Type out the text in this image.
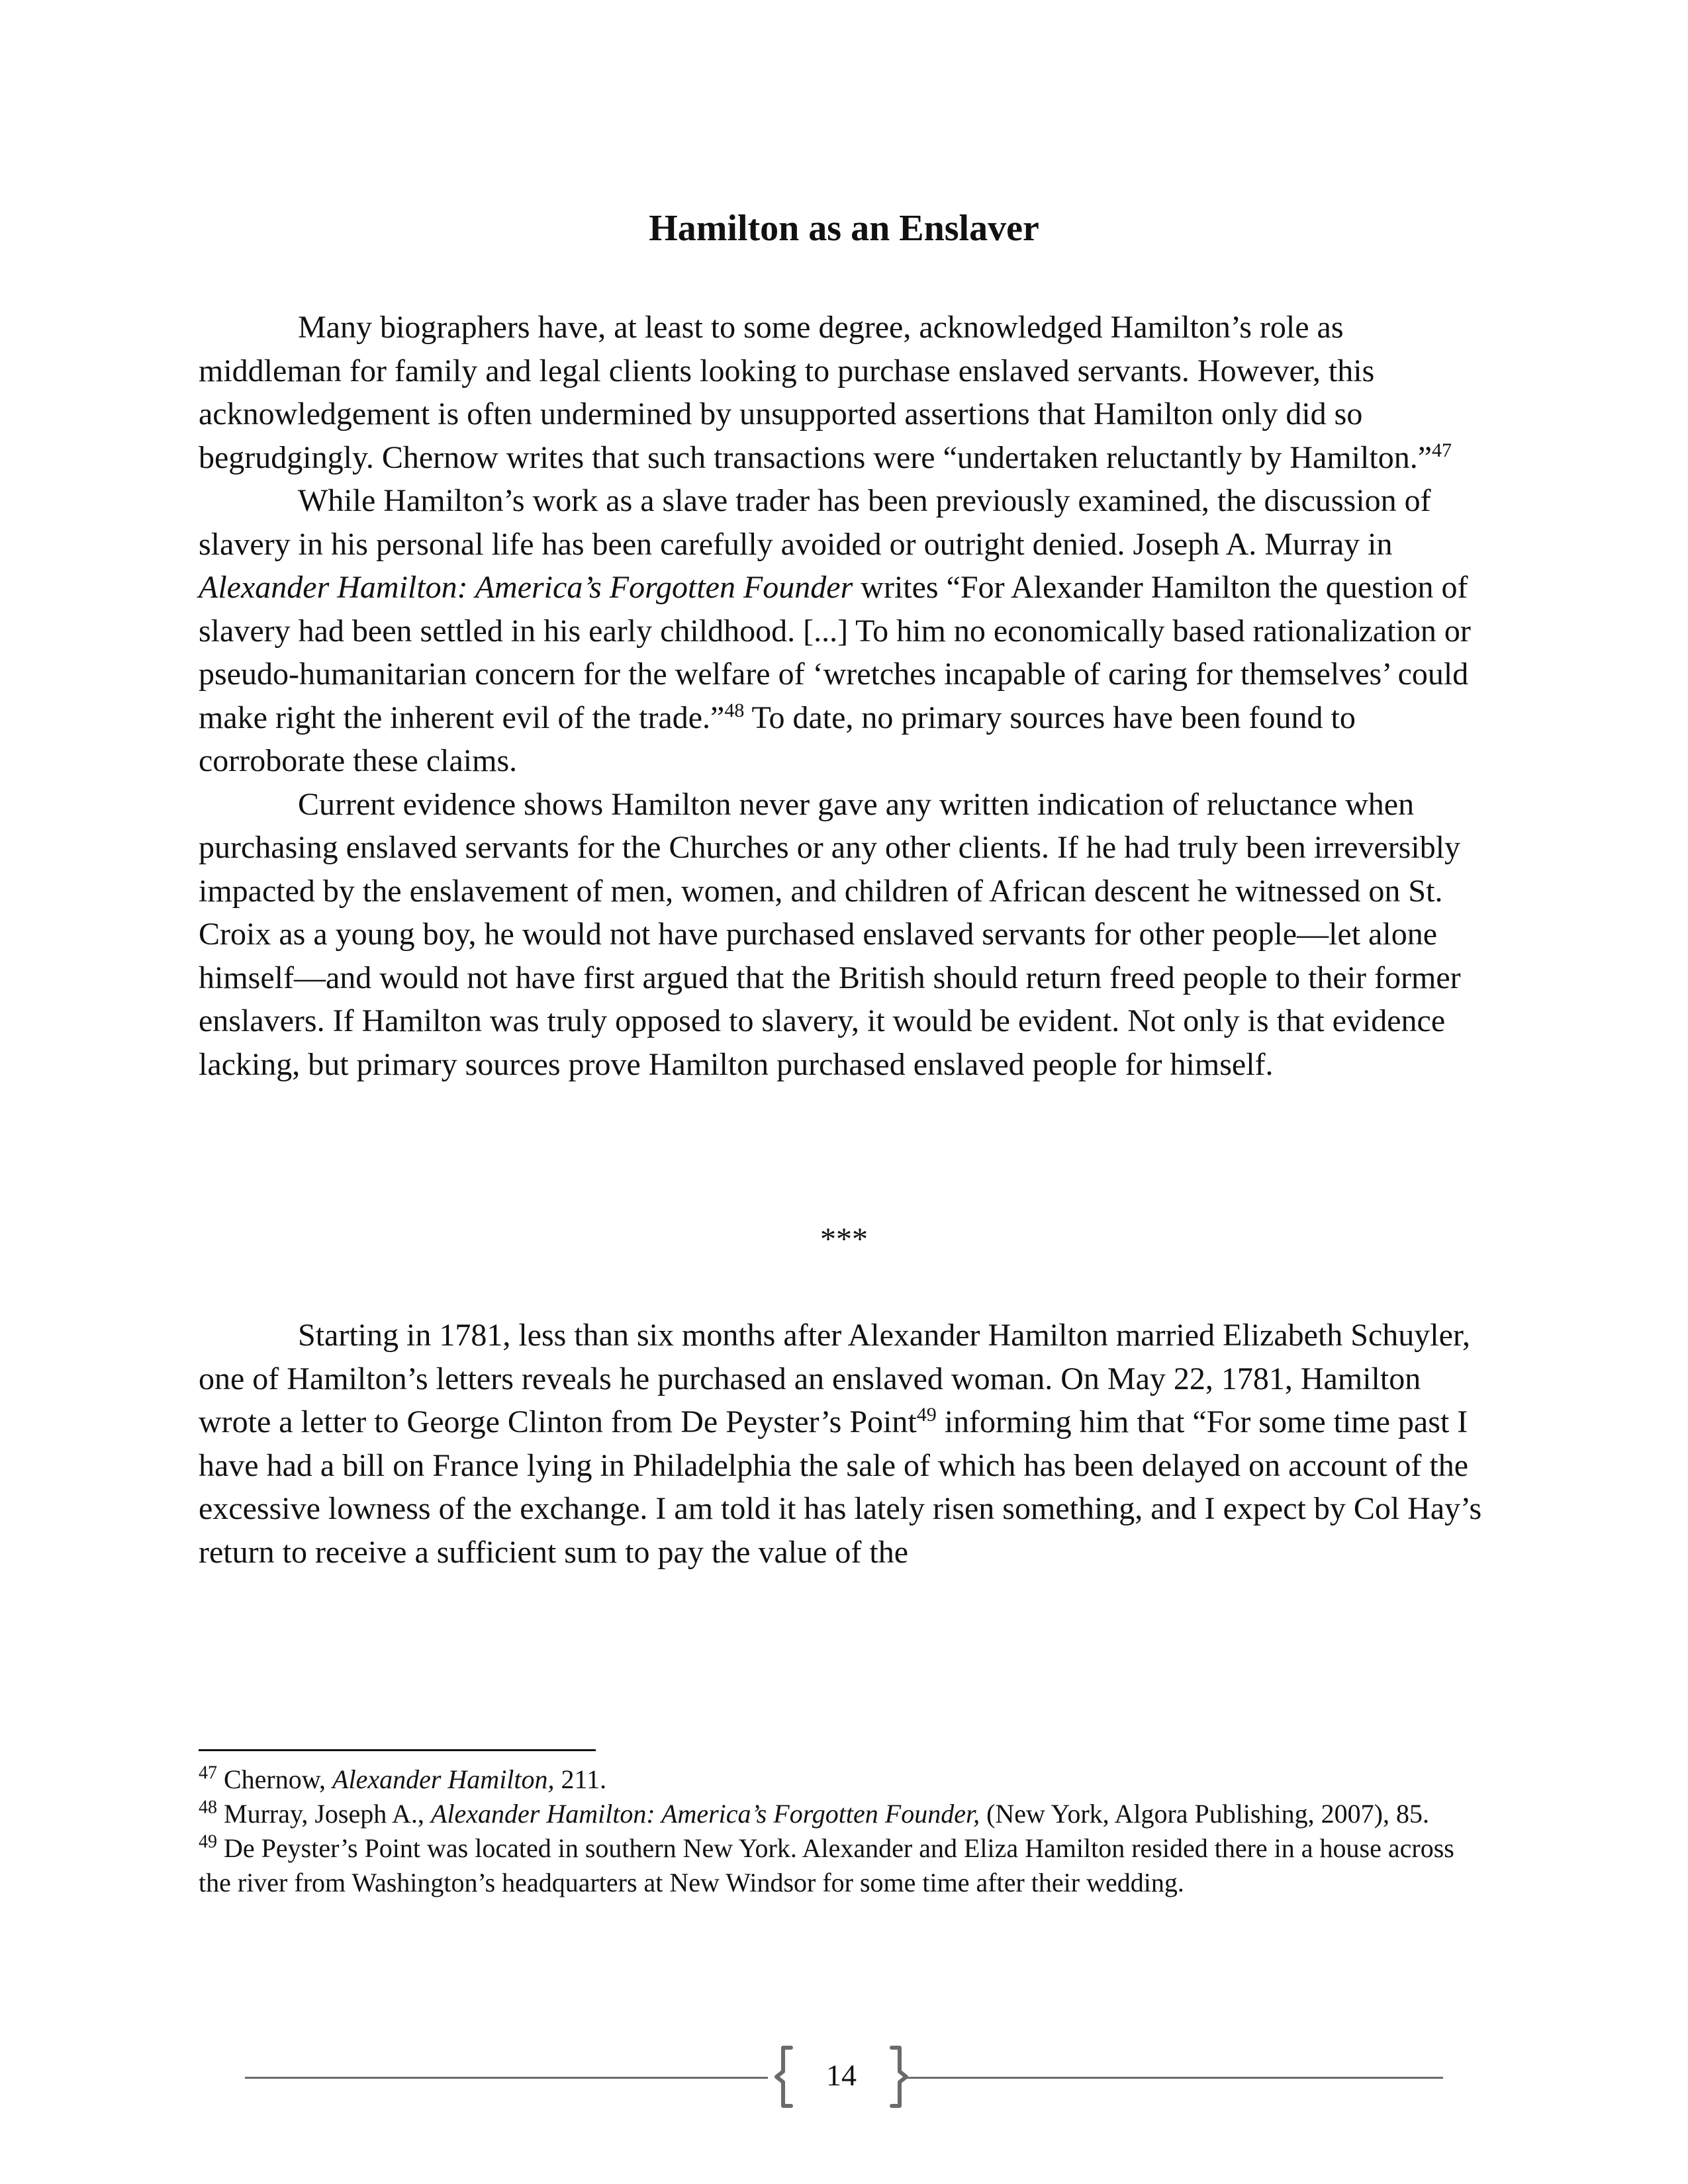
Hamilton as an Enslaver

Many biographers have, at least to some degree, acknowledged Hamilton’s role as middleman for family and legal clients looking to purchase enslaved servants. However, this acknowledgement is often undermined by unsupported assertions that Hamilton only did so begrudgingly. Chernow writes that such transactions were “undertaken reluctantly by Hamilton.”$^{47}$

While Hamilton’s work as a slave trader has been previously examined, the discussion of slavery in his personal life has been carefully avoided or outright denied. Joseph A. Murray in Alexander Hamilton: America’s Forgotten Founder writes “For Alexander Hamilton the question of slavery had been settled in his early childhood. [...] To him no economically based rationalization or pseudo-humanitarian concern for the welfare of ‘wretches incapable of caring for themselves’ could make right the inherent evil of the trade.”$^{48}$ To date, no primary sources have been found to corroborate these claims.

Current evidence shows Hamilton never gave any written indication of reluctance when purchasing enslaved servants for the Churches or any other clients. If he had truly been irreversibly impacted by the enslavement of men, women, and children of African descent he witnessed on St. Croix as a young boy, he would not have purchased enslaved servants for other people—let alone himself—and would not have first argued that the British should return freed people to their former enslavers. If Hamilton was truly opposed to slavery, it would be evident. Not only is that evidence lacking, but primary sources prove Hamilton purchased enslaved people for himself.

***

Starting in 1781, less than six months after Alexander Hamilton married Elizabeth Schuyler, one of Hamilton’s letters reveals he purchased an enslaved woman. On May 22, 1781, Hamilton wrote a letter to George Clinton from De Peyster’s Point$^{49}$ informing him that “For some time past I have had a bill on France lying in Philadelphia the sale of which has been delayed on account of the excessive lowness of the exchange. I am told it has lately risen something, and I expect by Col Hay’s return to receive a sufficient sum to pay the value of the

$^{47}$ Chernow, Alexander Hamilton, 211.

$^{48}$ Murray, Joseph A., Alexander Hamilton: America’s Forgotten Founder, (New York, Algora Publishing, 2007), 85.

$^{49}$ De Peyster’s Point was located in southern New York. Alexander and Eliza Hamilton resided there in a house across the river from Washington’s headquarters at New Windsor for some time after their wedding.

14
